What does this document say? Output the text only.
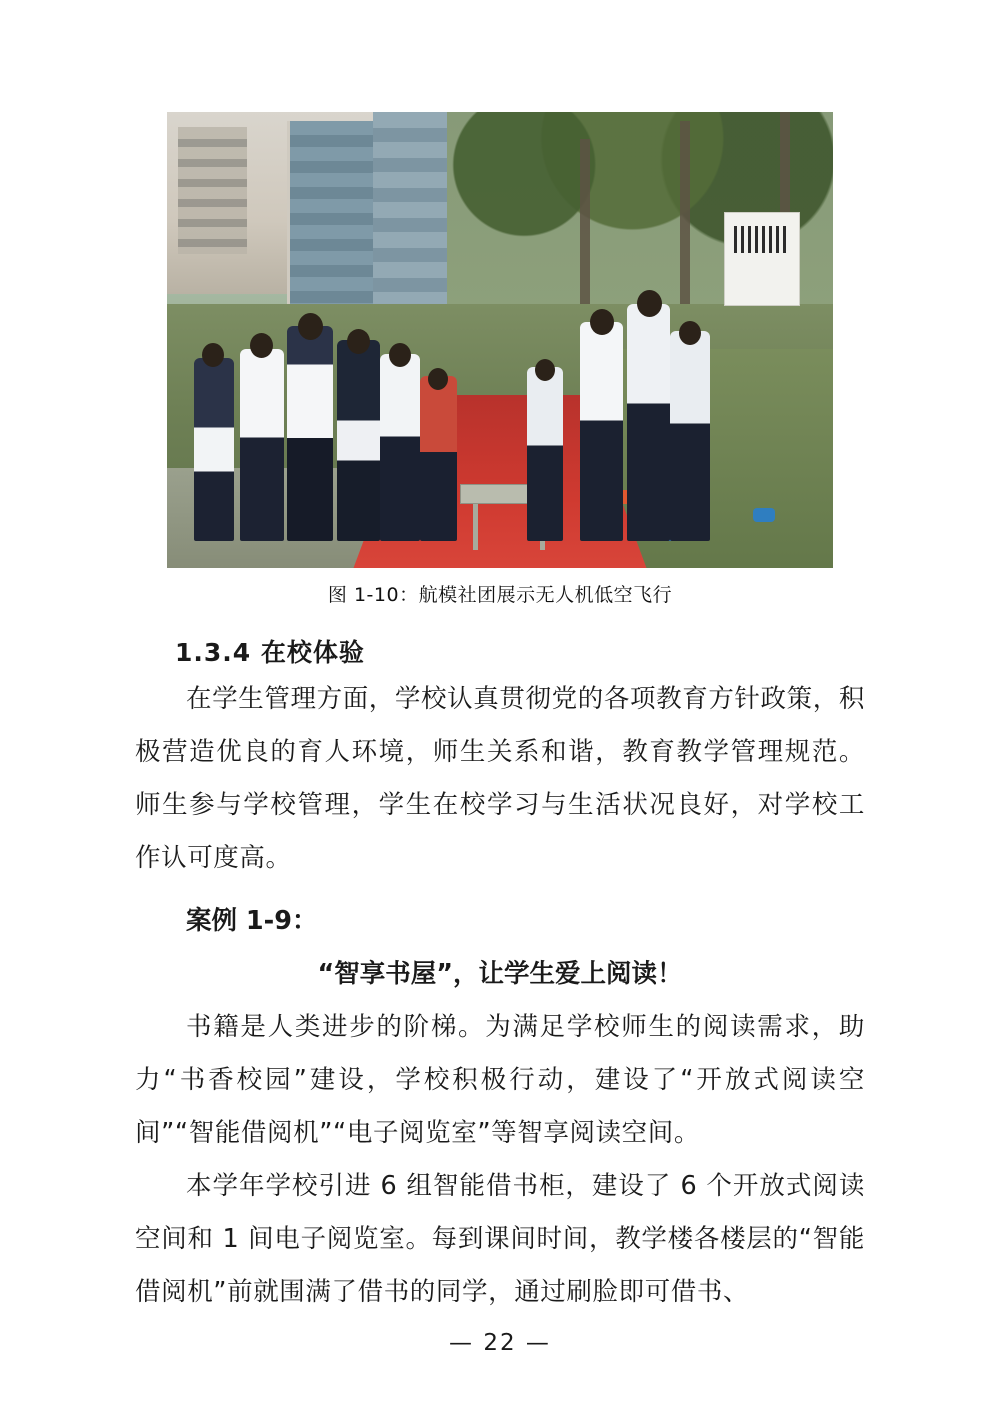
图 1-10：航模社团展示无人机低空飞行
1.3.4 在校体验

在学生管理方面，学校认真贯彻党的各项教育方针政策，积极营造优良的育人环境，师生关系和谐，教育教学管理规范。师生参与学校管理，学生在校学习与生活状况良好，对学校工作认可度高。

案例 1-9：

“智享书屋”，让学生爱上阅读！

书籍是人类进步的阶梯。为满足学校师生的阅读需求，助力“书香校园”建设，学校积极行动，建设了“开放式阅读空间”“智能借阅机”“电子阅览室”等智享阅读空间。

本学年学校引进 6 组智能借书柜，建设了 6 个开放式阅读空间和 1 间电子阅览室。每到课间时间，教学楼各楼层的“智能借阅机”前就围满了借书的同学，通过刷脸即可借书、

— 22 —
